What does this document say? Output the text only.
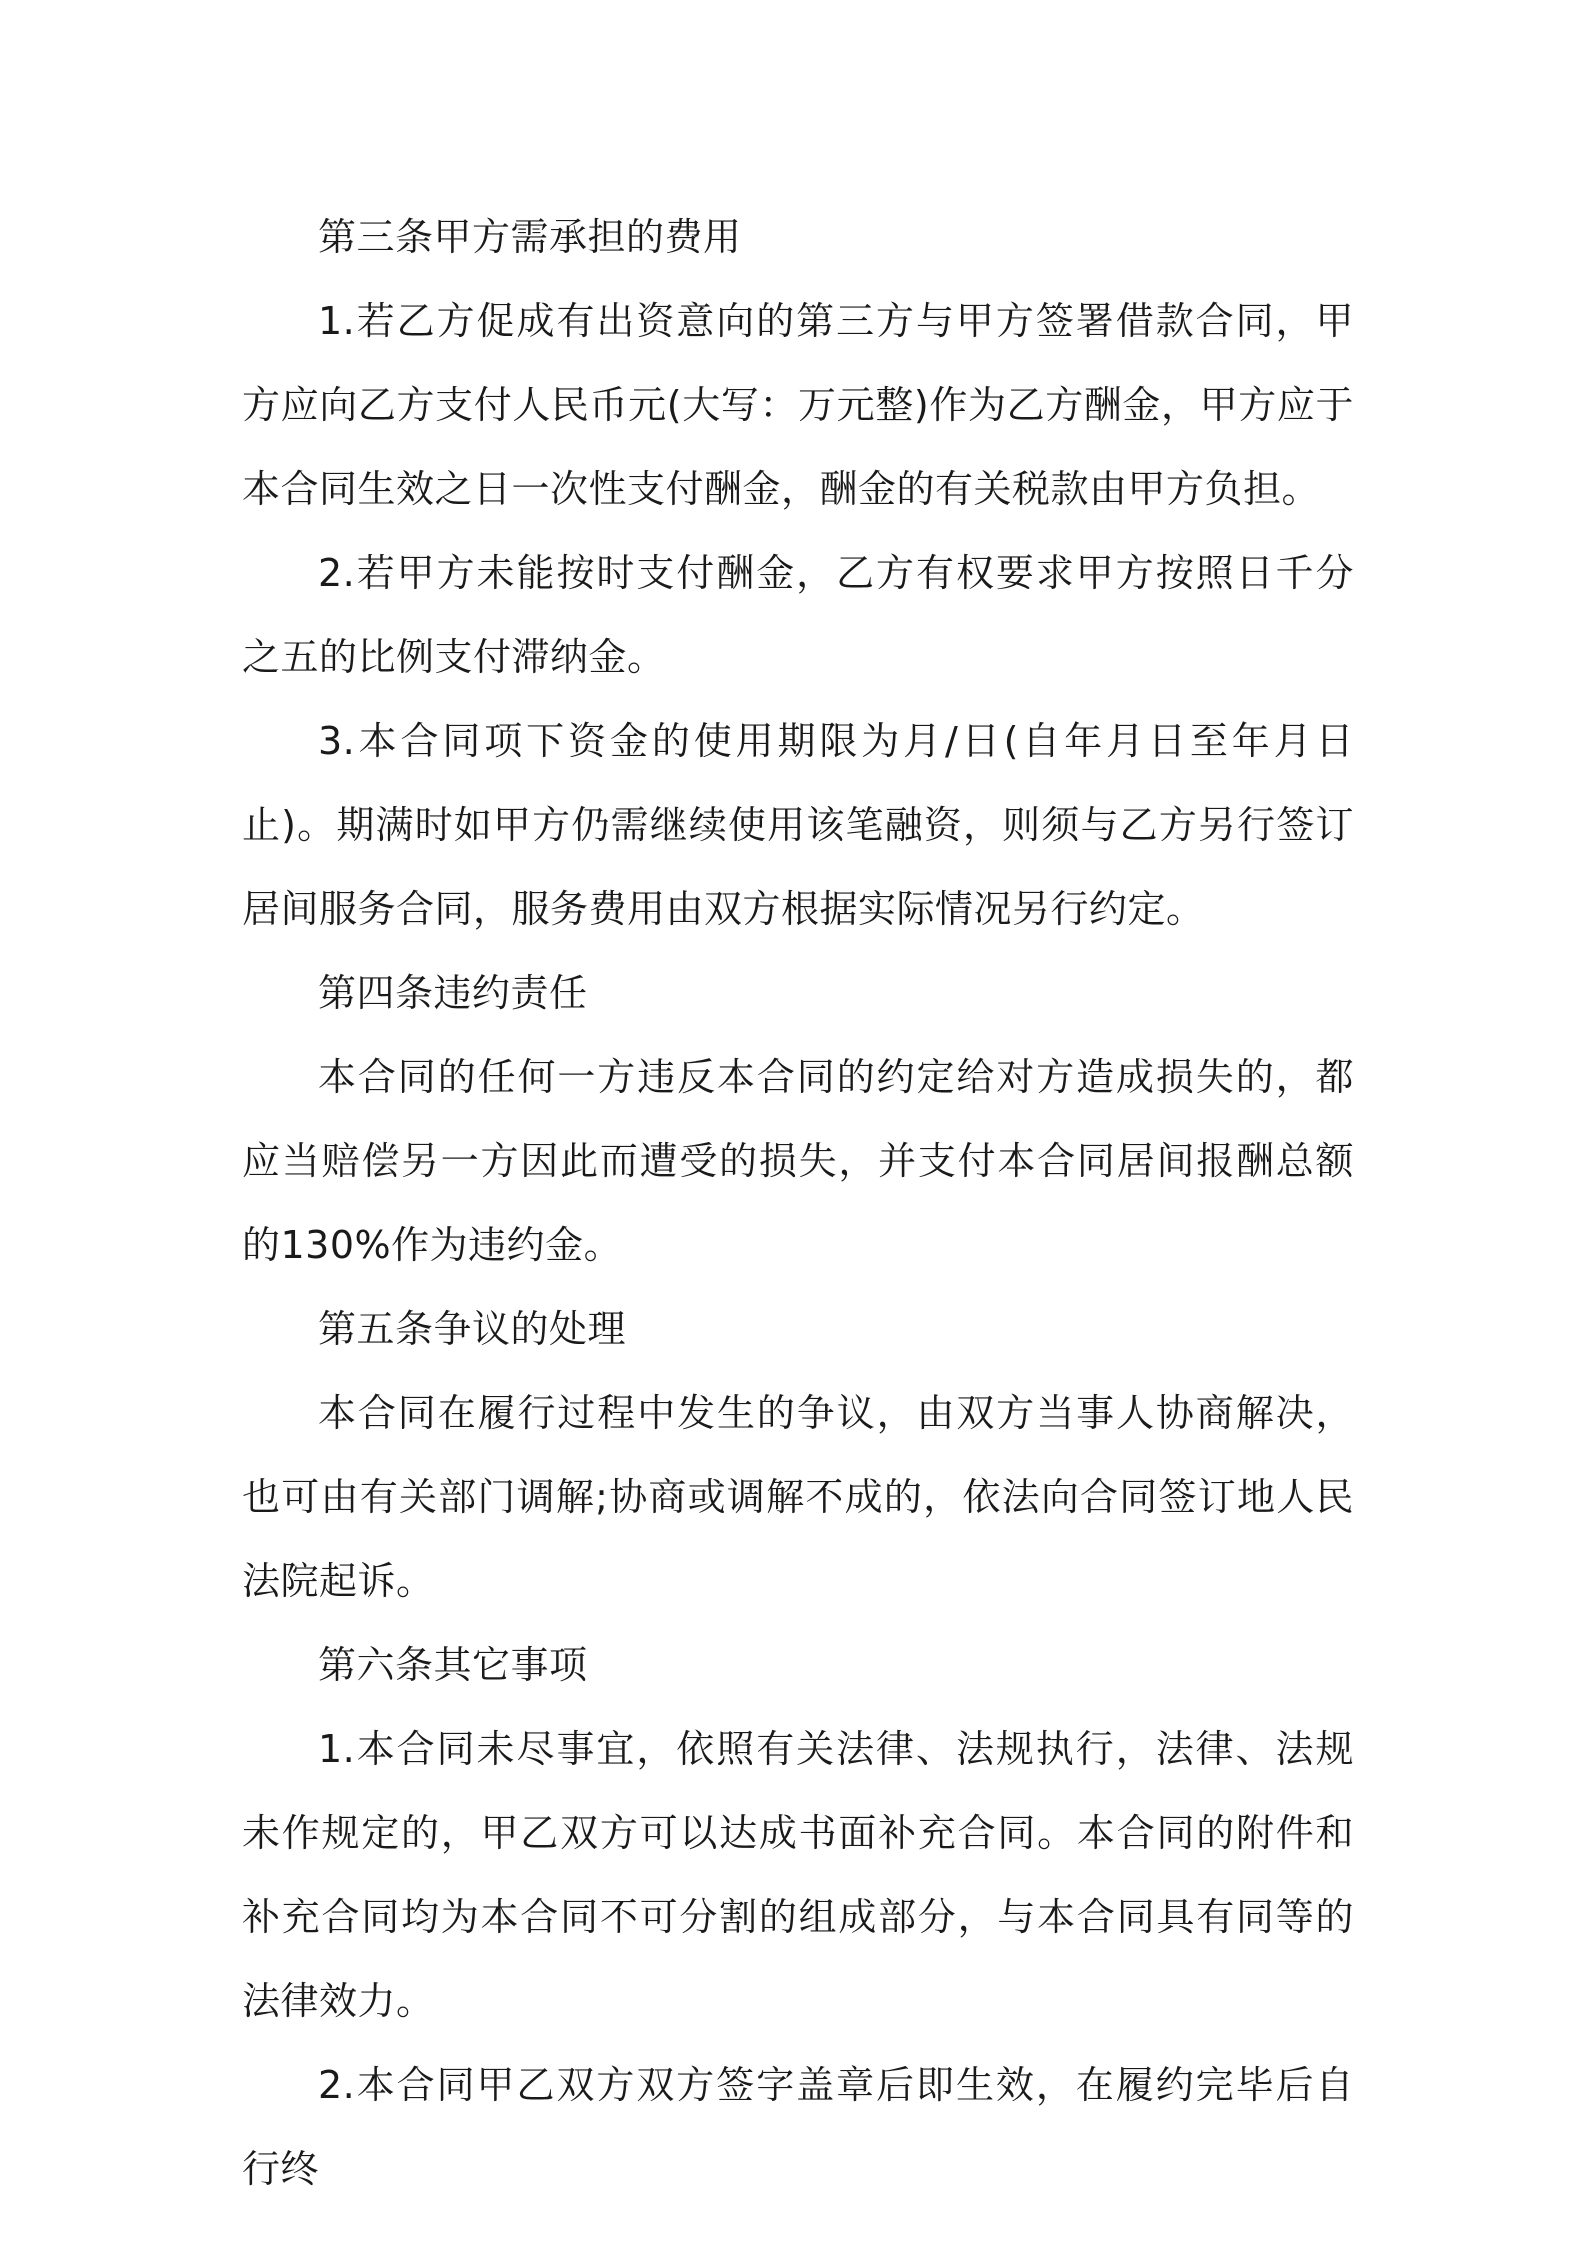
第三条甲方需承担的费用

1.若乙方促成有出资意向的第三方与甲方签署借款合同，甲方应向乙方支付人民币元(大写：万元整)作为乙方酬金，甲方应于本合同生效之日一次性支付酬金，酬金的有关税款由甲方负担。

2.若甲方未能按时支付酬金，乙方有权要求甲方按照日千分之五的比例支付滞纳金。

3.本合同项下资金的使用期限为月/日(自年月日至年月日止)。期满时如甲方仍需继续使用该笔融资，则须与乙方另行签订居间服务合同，服务费用由双方根据实际情况另行约定。

第四条违约责任

本合同的任何一方违反本合同的约定给对方造成损失的，都应当赔偿另一方因此而遭受的损失，并支付本合同居间报酬总额的130%作为违约金。

第五条争议的处理

本合同在履行过程中发生的争议，由双方当事人协商解决，也可由有关部门调解;协商或调解不成的，依法向合同签订地人民法院起诉。

第六条其它事项

1.本合同未尽事宜，依照有关法律、法规执行，法律、法规未作规定的，甲乙双方可以达成书面补充合同。本合同的附件和补充合同均为本合同不可分割的组成部分，与本合同具有同等的法律效力。

2.本合同甲乙双方双方签字盖章后即生效，在履约完毕后自行终
